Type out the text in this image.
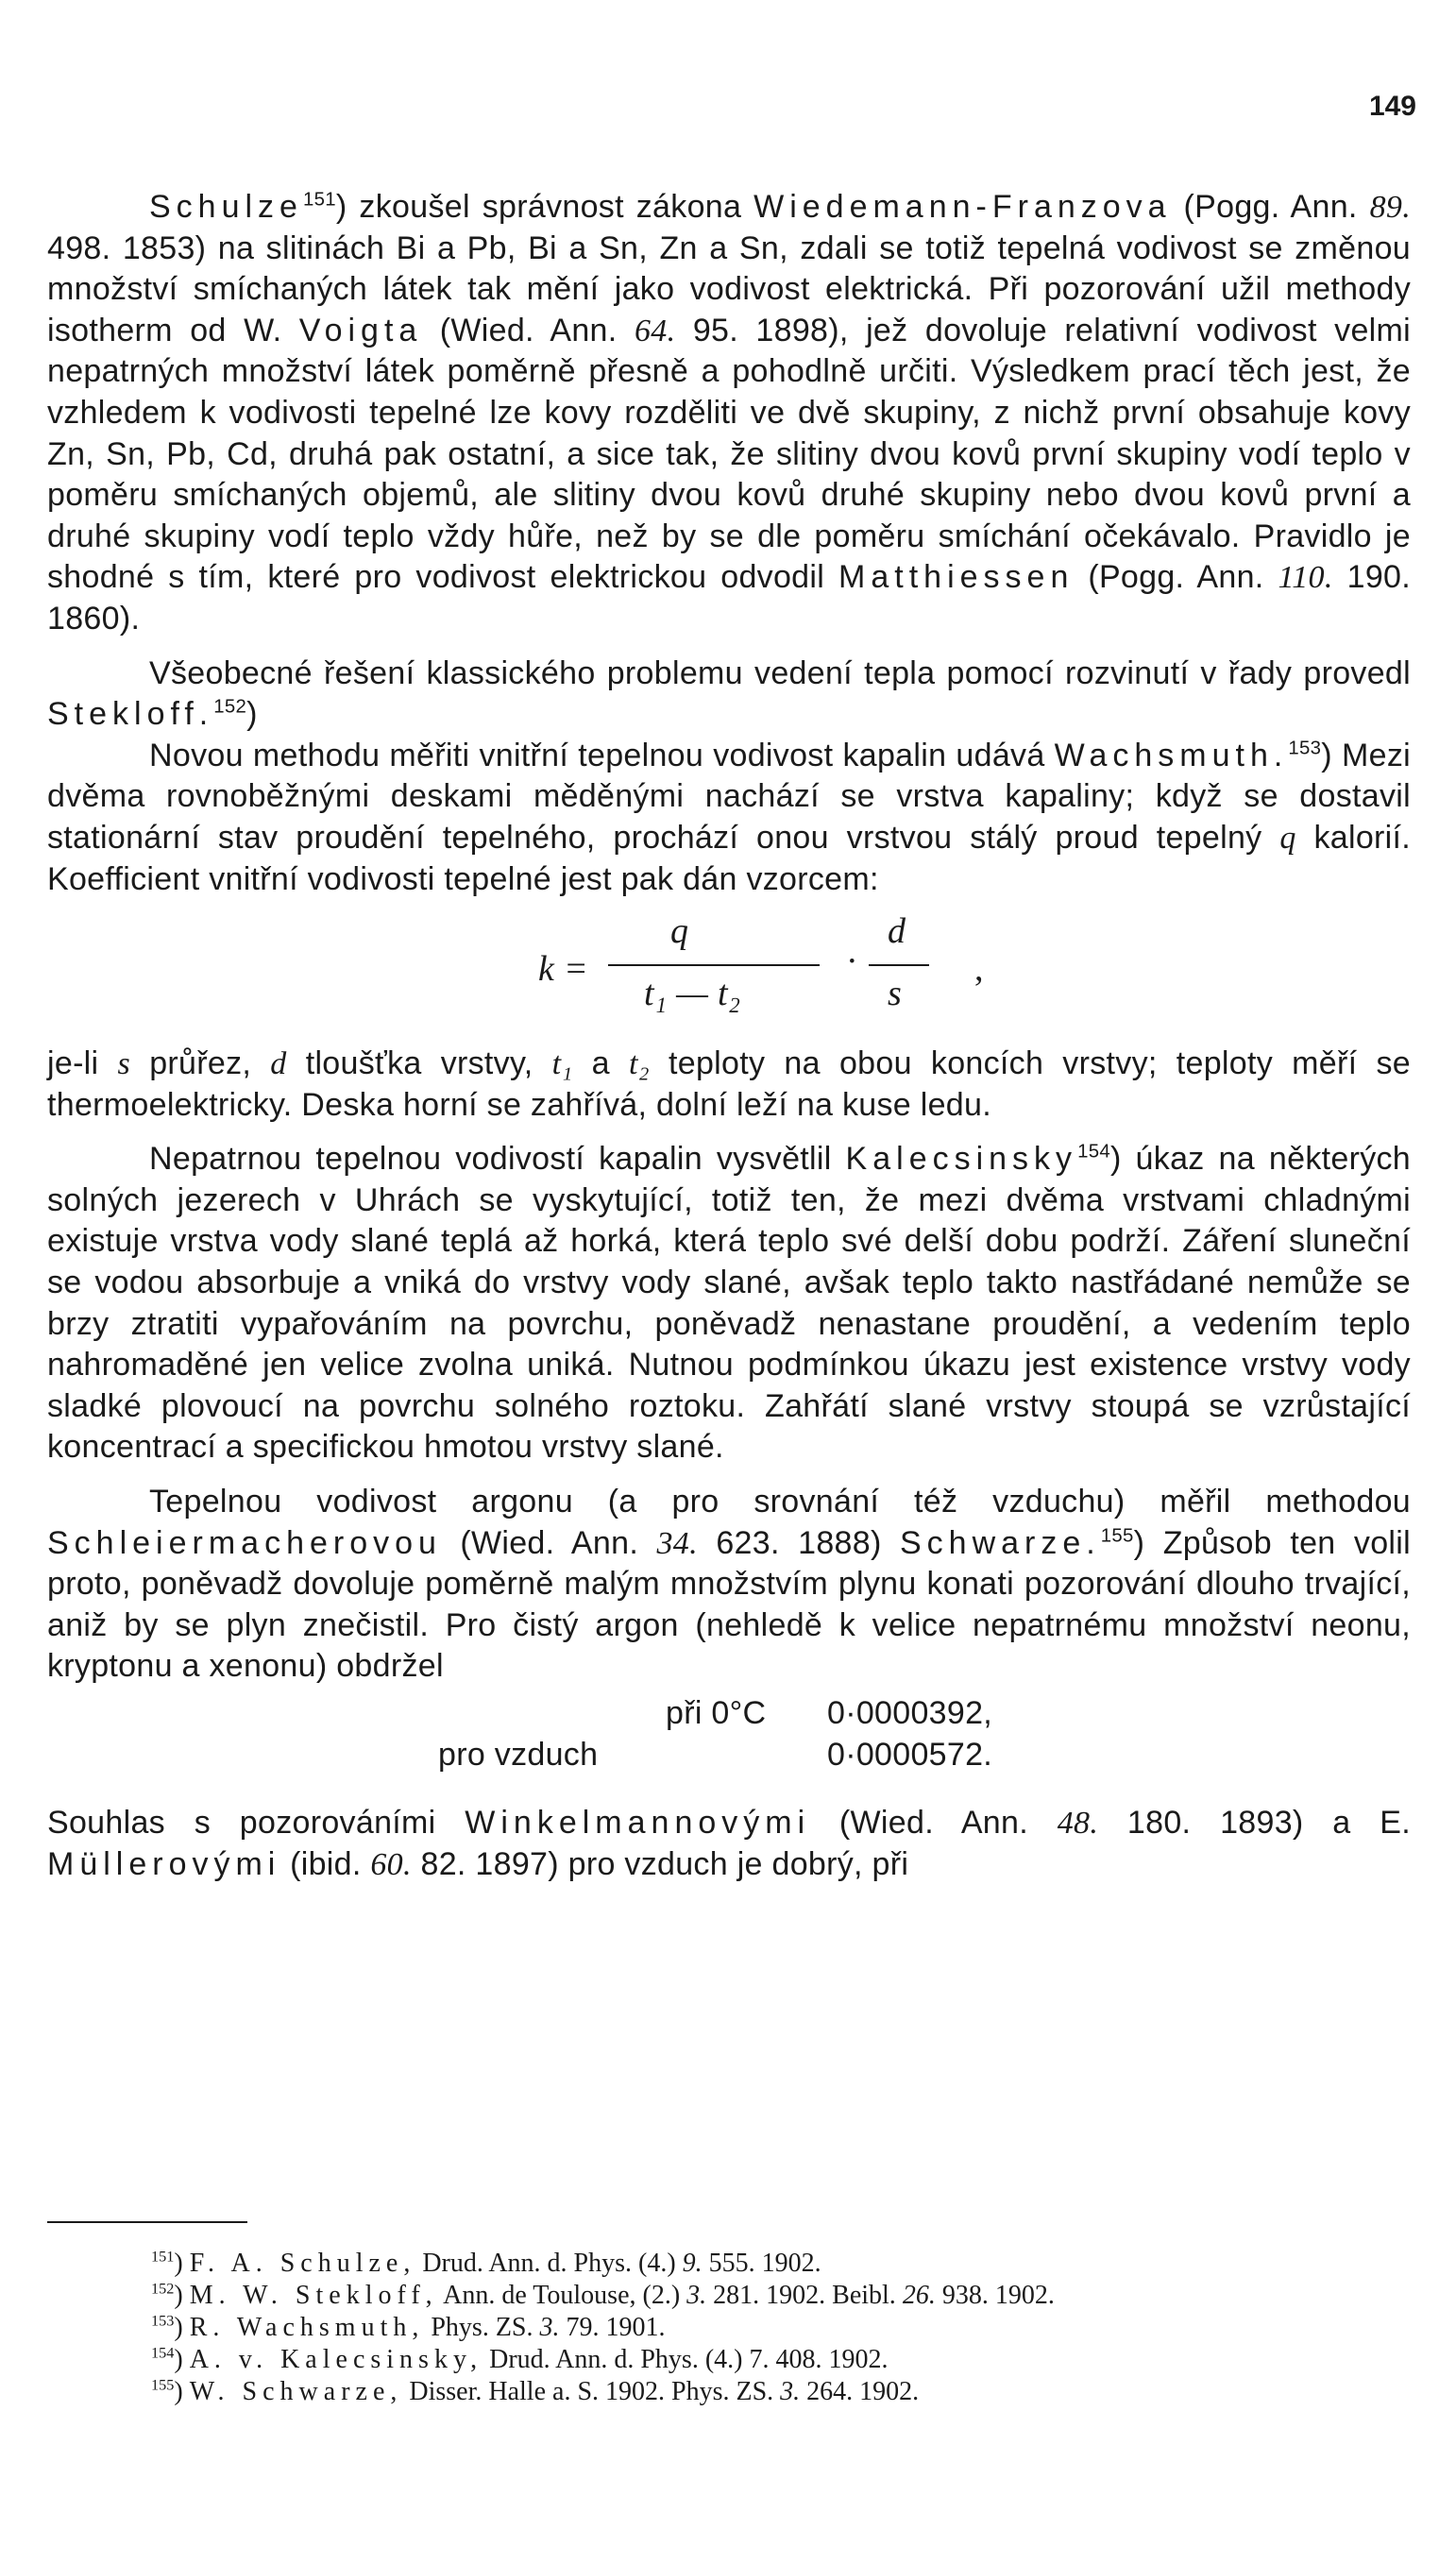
149

Schulze$^{151}$) zkoušel správnost zákona Wiedemann-Franzova (Pogg. Ann. 89. 498. 1853) na slitinách Bi a Pb, Bi a Sn, Zn a Sn, zdali se totiž tepelná vodivost se změnou množství smíchaných látek tak mění jako vodivost elektrická. Při pozorování užil methody isotherm od W. Voigta (Wied. Ann. 64. 95. 1898), jež dovoluje relativní vodivost velmi nepatrných množství látek poměrně přesně a pohodlně určiti. Výsledkem prací těch jest, že vzhledem k vodivosti tepelné lze kovy rozděliti ve dvě skupiny, z nichž první obsahuje kovy Zn, Sn, Pb, Cd, druhá pak ostatní, a sice tak, že slitiny dvou kovů první skupiny vodí teplo v poměru smíchaných objemů, ale slitiny dvou kovů druhé skupiny nebo dvou kovů první a druhé skupiny vodí teplo vždy hůře, než by se dle poměru smíchání očekávalo. Pravidlo je shodné s tím, které pro vodivost elektrickou odvodil Matthiessen (Pogg. Ann. 110. 190. 1860).

Všeobecné řešení klassického problemu vedení tepla pomocí rozvinutí v řady provedl Stekloff.$^{152}$)

Novou methodu měřiti vnitřní tepelnou vodivost kapalin udává Wachsmuth.$^{153}$) Mezi dvěma rovnoběžnými deskami měděnými nachází se vrstva kapaliny; když se dostavil stationární stav proudění tepelného, prochází onou vrstvou stálý proud tepelný q kalorií. Koefficient vnitřní vodivosti tepelné jest pak dán vzorcem:

k =
q
t₁ — t₂
·
d
s
,

je-li s průřez, d tloušťka vrstvy, t₁ a t₂ teploty na obou koncích vrstvy; teploty měří se thermoelektricky. Deska horní se zahřívá, dolní leží na kuse ledu.

Nepatrnou tepelnou vodivostí kapalin vysvětlil Kalecsinsky$^{154}$) úkaz na některých solných jezerech v Uhrách se vyskytující, totiž ten, že mezi dvěma vrstvami chladnými existuje vrstva vody slané teplá až horká, která teplo své delší dobu podrží. Záření sluneční se vodou absorbuje a vniká do vrstvy vody slané, avšak teplo takto nastřádané nemůže se brzy ztratiti vypařováním na povrchu, poněvadž nenastane proudění, a vedením teplo nahromaděné jen velice zvolna uniká. Nutnou podmínkou úkazu jest existence vrstvy vody sladké plovoucí na povrchu solného roztoku. Zahřátí slané vrstvy stoupá se vzrůstající koncentrací a specifickou hmotou vrstvy slané.

Tepelnou vodivost argonu (a pro srovnání též vzduchu) měřil methodou Schleiermacherovou (Wied. Ann. 34. 623. 1888) Schwarze.$^{155}$) Způsob ten volil proto, poněvadž dovoluje poměrně malým množstvím plynu konati pozorování dlouho trvající, aniž by se plyn znečistil. Pro čistý argon (nehledě k velice nepatrnému množství neonu, kryptonu a xenonu) obdržel

při 0°C 0·0000392,
pro vzduch	0·0000572.

Souhlas s pozorováními Winkelmannovými (Wied. Ann. 48. 180. 1893) a E. Müllerovými (ibid. 60. 82. 1897) pro vzduch je dobrý, při

$^{151}$) F. A. Schulze, Drud. Ann. d. Phys. (4.) 9. 555. 1902.
$^{152}$) M. W. Stekloff, Ann. de Toulouse, (2.) 3. 281. 1902. Beibl. 26. 938. 1902.
$^{153}$) R. Wachsmuth, Phys. ZS. 3. 79. 1901.
$^{154}$) A. v. Kalecsinsky, Drud. Ann. d. Phys. (4.) 7. 408. 1902.
$^{155}$) W. Schwarze, Disser. Halle a. S. 1902. Phys. ZS. 3. 264. 1902.
